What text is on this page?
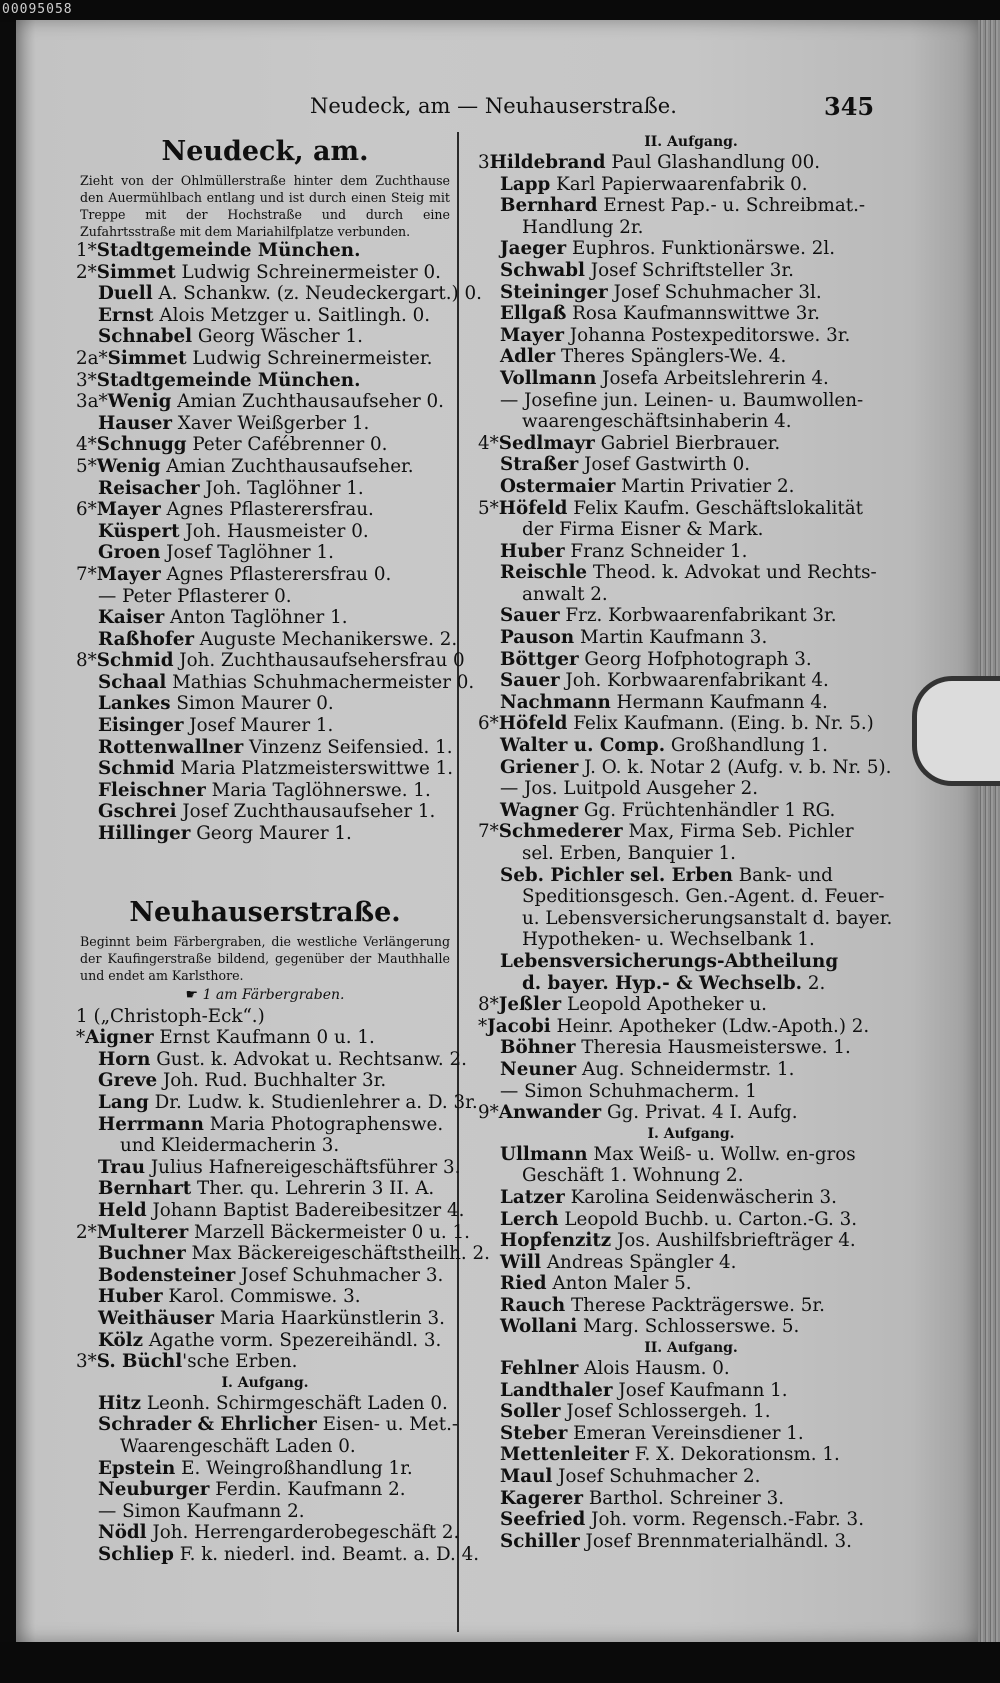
00095058
Neudeck, am — Neuhauserstraße.	345
Neudeck, am.
Zieht von der Ohlmüllerstraße hinter dem Zuchthause den Auermühlbach entlang und ist durch einen Steig mit Treppe mit der Hochstraße und durch eine Zufahrtsstraße mit dem Mariahilfplatze verbunden.
1*Stadtgemeinde München.
2*Simmet Ludwig Schreinermeister 0.
Duell A. Schankw. (z. Neudeckergart.) 0.
Ernst Alois Metzger u. Saitlingh. 0.
Schnabel Georg Wäscher 1.
2a*Simmet Ludwig Schreinermeister.
3*Stadtgemeinde München.
3a*Wenig Amian Zuchthausaufseher 0.
Hauser Xaver Weißgerber 1.
4*Schnugg Peter Cafébrenner 0.
5*Wenig Amian Zuchthausaufseher.
Reisacher Joh. Taglöhner 1.
6*Mayer Agnes Pflasterersfrau.
Küspert Joh. Hausmeister 0.
Groen Josef Taglöhner 1.
7*Mayer Agnes Pflasterersfrau 0.
— Peter Pflasterer 0.
Kaiser Anton Taglöhner 1.
Raßhofer Auguste Mechanikerswe. 2.
8*Schmid Joh. Zuchthausaufsehersfrau 0
Schaal Mathias Schuhmachermeister 0.
Lankes Simon Maurer 0.
Eisinger Josef Maurer 1.
Rottenwallner Vinzenz Seifensied. 1.
Schmid Maria Platzmeisterswittwe 1.
Fleischner Maria Taglöhnerswe. 1.
Gschrei Josef Zuchthausaufseher 1.
Hillinger Georg Maurer 1.
Neuhauserstraße.
Beginnt beim Färbergraben, die westliche Verlängerung der Kaufingerstraße bildend, gegenüber der Mauthhalle und endet am Karlsthore.
☛ 1 am Färbergraben.
1 („Christoph-Eck“.)
*Aigner Ernst Kaufmann 0 u. 1.
Horn Gust. k. Advokat u. Rechtsanw. 2.
Greve Joh. Rud. Buchhalter 3r.
Lang Dr. Ludw. k. Studienlehrer a. D. 3r.
Herrmann Maria Photographenswe.
und Kleidermacherin 3.
Trau Julius Hafnereigeschäftsführer 3.
Bernhart Ther. qu. Lehrerin 3 II. A.
Held Johann Baptist Badereibesitzer 4.
2*Multerer Marzell Bäckermeister 0 u. 1.
Buchner Max Bäckereigeschäftstheilh. 2.
Bodensteiner Josef Schuhmacher 3.
Huber Karol. Commiswe. 3.
Weithäuser Maria Haarkünstlerin 3.
Kölz Agathe vorm. Spezereihändl. 3.
3*S. Büchl'sche Erben.
I. Aufgang.
Hitz Leonh. Schirmgeschäft Laden 0.
Schrader & Ehrlicher Eisen- u. Met.-
Waarengeschäft Laden 0.
Epstein E. Weingroßhandlung 1r.
Neuburger Ferdin. Kaufmann 2.
— Simon Kaufmann 2.
Nödl Joh. Herrengarderobegeschäft 2.
Schliep F. k. niederl. ind. Beamt. a. D. 4.
II. Aufgang.
3Hildebrand Paul Glashandlung 00.
Lapp Karl Papierwaarenfabrik 0.
Bernhard Ernest Pap.- u. Schreibmat.-
Handlung 2r.
Jaeger Euphros. Funktionärswe. 2l.
Schwabl Josef Schriftsteller 3r.
Steininger Josef Schuhmacher 3l.
Ellgaß Rosa Kaufmannswittwe 3r.
Mayer Johanna Postexpeditorswe. 3r.
Adler Theres Spänglers-We. 4.
Vollmann Josefa Arbeitslehrerin 4.
— Josefine jun. Leinen- u. Baumwollen-
waarengeschäftsinhaberin 4.
4*Sedlmayr Gabriel Bierbrauer.
Straßer Josef Gastwirth 0.
Ostermaier Martin Privatier 2.
5*Höfeld Felix Kaufm. Geschäftslokalität
der Firma Eisner & Mark.
Huber Franz Schneider 1.
Reischle Theod. k. Advokat und Rechts-
anwalt 2.
Sauer Frz. Korbwaarenfabrikant 3r.
Pauson Martin Kaufmann 3.
Böttger Georg Hofphotograph 3.
Sauer Joh. Korbwaarenfabrikant 4.
Nachmann Hermann Kaufmann 4.
6*Höfeld Felix Kaufmann. (Eing. b. Nr. 5.)
Walter u. Comp. Großhandlung 1.
Griener J. O. k. Notar 2 (Aufg. v. b. Nr. 5).
— Jos. Luitpold Ausgeher 2.
Wagner Gg. Früchtenhändler 1 RG.
7*Schmederer Max, Firma Seb. Pichler
sel. Erben, Banquier 1.
Seb. Pichler sel. Erben Bank- und
Speditionsgesch. Gen.-Agent. d. Feuer-
u. Lebensversicherungsanstalt d. bayer.
Hypotheken- u. Wechselbank 1.
Lebensversicherungs-Abtheilung
d. bayer. Hyp.- & Wechselb. 2.
8*Jeßler Leopold Apotheker u.
*Jacobi Heinr. Apotheker (Ldw.-Apoth.) 2.
Böhner Theresia Hausmeisterswe. 1.
Neuner Aug. Schneidermstr. 1.
— Simon Schuhmacherm. 1
9*Anwander Gg. Privat. 4 I. Aufg.
I. Aufgang.
Ullmann Max Weiß- u. Wollw. en-gros
Geschäft 1. Wohnung 2.
Latzer Karolina Seidenwäscherin 3.
Lerch Leopold Buchb. u. Carton.-G. 3.
Hopfenzitz Jos. Aushilfsbriefträger 4.
Will Andreas Spängler 4.
Ried Anton Maler 5.
Rauch Therese Packträgerswe. 5r.
Wollani Marg. Schlosserswe. 5.
II. Aufgang.
Fehlner Alois Hausm. 0.
Landthaler Josef Kaufmann 1.
Soller Josef Schlossergeh. 1.
Steber Emeran Vereinsdiener 1.
Mettenleiter F. X. Dekorationsm. 1.
Maul Josef Schuhmacher 2.
Kagerer Barthol. Schreiner 3.
Seefried Joh. vorm. Regensch.-Fabr. 3.
Schiller Josef Brennmaterialhändl. 3.
